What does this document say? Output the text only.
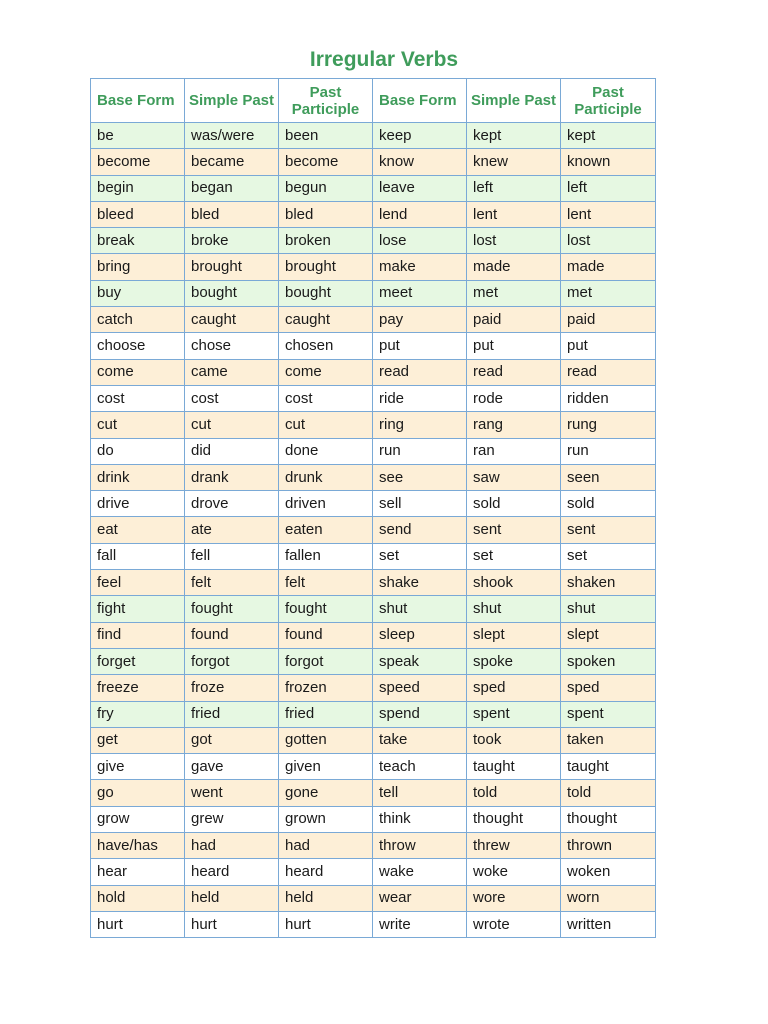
Irregular Verbs
Base Form	Simple Past	Past Participle	Base Form	Simple Past	Past Participle
be	was/were	been	keep	kept	kept
become	became	become	know	knew	known
begin	began	begun	leave	left	left
bleed	bled	bled	lend	lent	lent
break	broke	broken	lose	lost	lost
bring	brought	brought	make	made	made
buy	bought	bought	meet	met	met
catch	caught	caught	pay	paid	paid
choose	chose	chosen	put	put	put
come	came	come	read	read	read
cost	cost	cost	ride	rode	ridden
cut	cut	cut	ring	rang	rung
do	did	done	run	ran	run
drink	drank	drunk	see	saw	seen
drive	drove	driven	sell	sold	sold
eat	ate	eaten	send	sent	sent
fall	fell	fallen	set	set	set
feel	felt	felt	shake	shook	shaken
fight	fought	fought	shut	shut	shut
find	found	found	sleep	slept	slept
forget	forgot	forgot	speak	spoke	spoken
freeze	froze	frozen	speed	sped	sped
fry	fried	fried	spend	spent	spent
get	got	gotten	take	took	taken
give	gave	given	teach	taught	taught
go	went	gone	tell	told	told
grow	grew	grown	think	thought	thought
have/has	had	had	throw	threw	thrown
hear	heard	heard	wake	woke	woken
hold	held	held	wear	wore	worn
hurt	hurt	hurt	write	wrote	written
